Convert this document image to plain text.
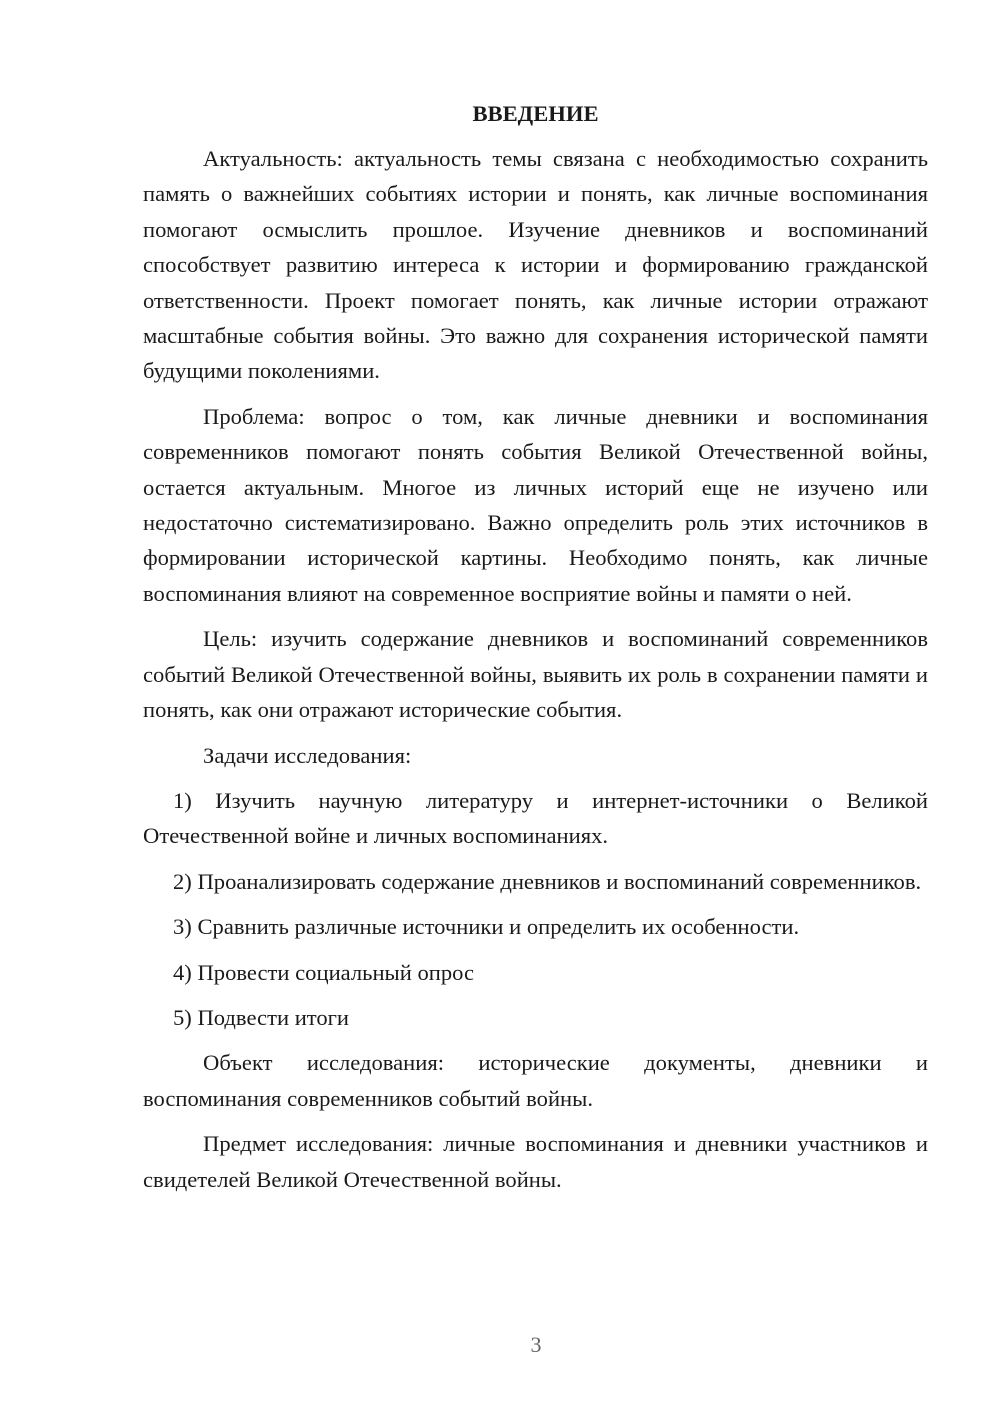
ВВЕДЕНИЕ

Актуальность: актуальность темы связана с необходимостью сохранить память о важнейших событиях истории и понять, как личные воспоминания помогают осмыслить прошлое. Изучение дневников и воспоминаний способствует развитию интереса к истории и формированию гражданской ответственности. Проект помогает понять, как личные истории отражают масштабные события войны. Это важно для сохранения исторической памяти будущими поколениями.

Проблема: вопрос о том, как личные дневники и воспоминания современников помогают понять события Великой Отечественной войны, остается актуальным. Многое из личных историй еще не изучено или недостаточно систематизировано. Важно определить роль этих источников в формировании исторической картины. Необходимо понять, как личные воспоминания влияют на современное восприятие войны и памяти о ней.

Цель: изучить содержание дневников и воспоминаний современников событий Великой Отечественной войны, выявить их роль в сохранении памяти и понять, как они отражают исторические события.

Задачи исследования:

1) Изучить научную литературу и интернет-источники о Великой Отечественной войне и личных воспоминаниях.

2) Проанализировать содержание дневников и воспоминаний современников.

3) Сравнить различные источники и определить их особенности.

4) Провести социальный опрос

5) Подвести итоги

Объект исследования: исторические документы, дневники и воспоминания современников событий войны.

Предмет исследования: личные воспоминания и дневники участников и свидетелей Великой Отечественной войны.

3
